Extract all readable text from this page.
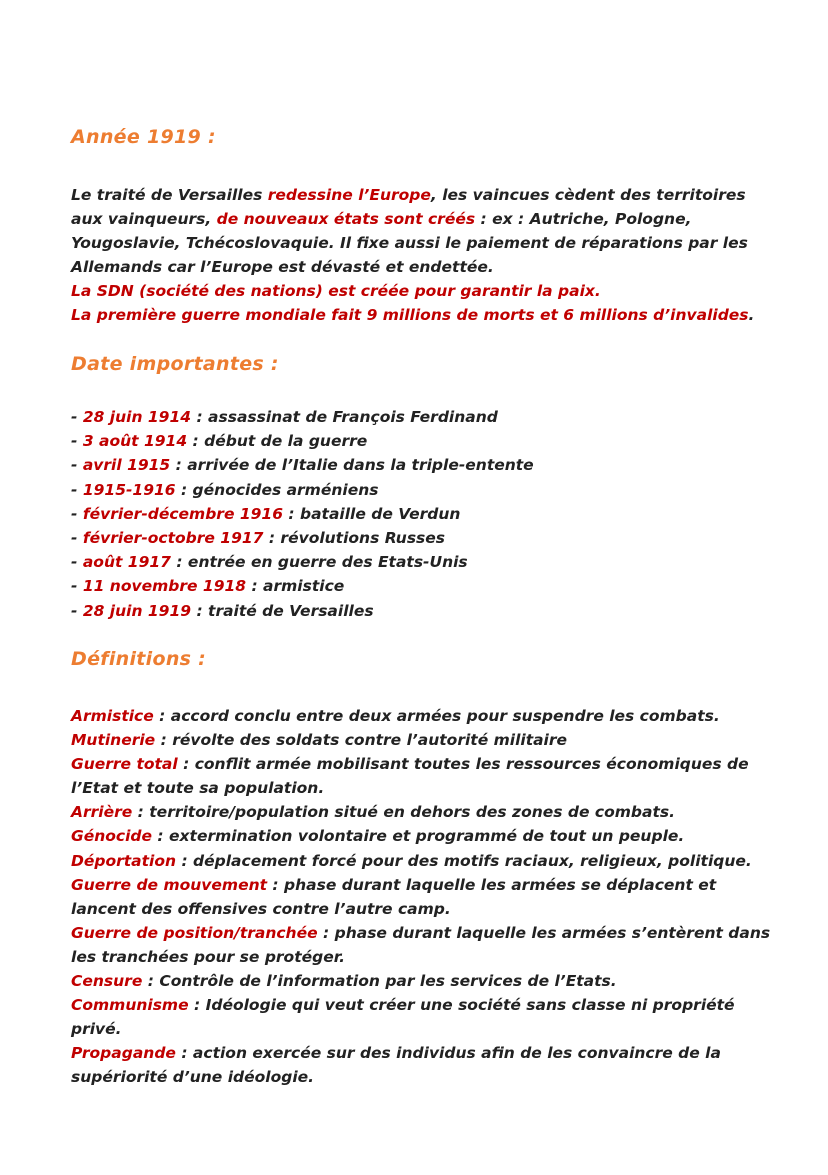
Année 1919 :

Le traité de Versailles redessine l’Europe, les vaincues cèdent des territoires aux vainqueurs, de nouveaux états sont créés : ex : Autriche, Pologne, Yougoslavie, Tchécoslovaquie. Il fixe aussi le paiement de réparations par les Allemands car l’Europe est dévasté et endettée.

La SDN (société des nations) est créée pour garantir la paix.

La première guerre mondiale fait 9 millions de morts et 6 millions d’invalides.

Date importantes :
- 28 juin 1914 : assassinat de François Ferdinand
- 3 août 1914 : début de la guerre
- avril 1915 : arrivée de l’Italie dans la triple-entente
- 1915-1916 : génocides arméniens
- février-décembre 1916 : bataille de Verdun
- février-octobre 1917 : révolutions Russes
- août 1917 : entrée en guerre des Etats-Unis
- 11 novembre 1918 : armistice
- 28 juin 1919 : traité de Versailles
Définitions :

Armistice : accord conclu entre deux armées pour suspendre les combats.

Mutinerie : révolte des soldats contre l’autorité militaire

Guerre total : conflit armée mobilisant toutes les ressources économiques de l’Etat et toute sa population.

Arrière : territoire/population situé en dehors des zones de combats.

Génocide : extermination volontaire et programmé de tout un peuple.

Déportation : déplacement forcé pour des motifs raciaux, religieux, politique.

Guerre de mouvement : phase durant laquelle les armées se déplacent et lancent des offensives contre l’autre camp.

Guerre de position/tranchée : phase durant laquelle les armées s’entèrent dans les tranchées pour se protéger.

Censure : Contrôle de l’information par les services de l’Etats.

Communisme : Idéologie qui veut créer une société sans classe ni propriété privé.

Propagande : action exercée sur des individus afin de les convaincre de la supériorité d’une idéologie.
